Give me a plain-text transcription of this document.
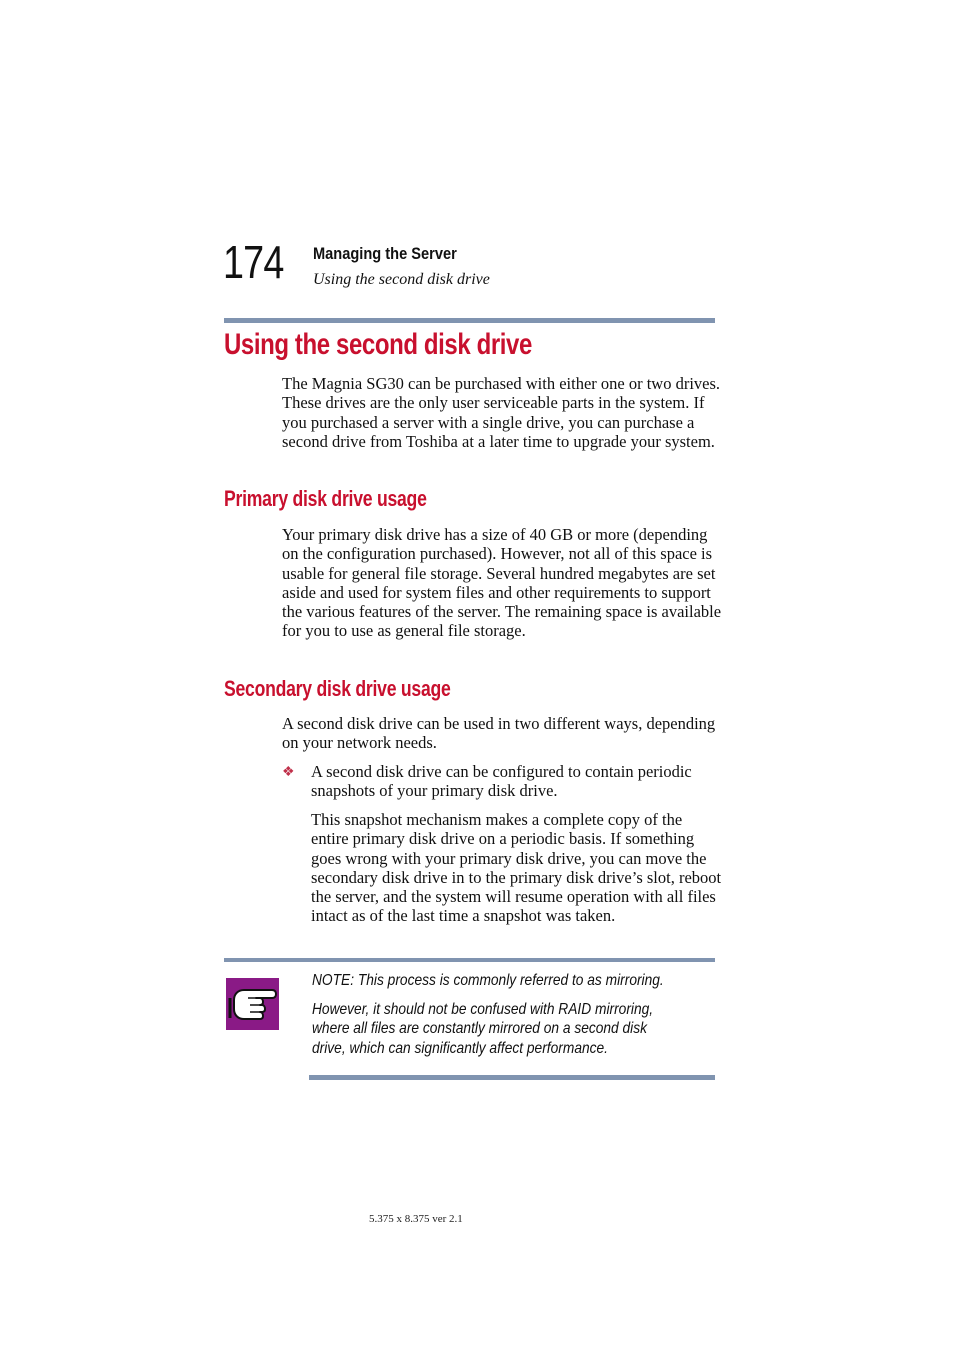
174 Managing the Server
Using the second disk drive
Using the second disk drive

The Magnia SG30 can be purchased with either one or two drives. These drives are the only user serviceable parts in the system. If you purchased a server with a single drive, you can purchase a second drive from Toshiba at a later time to upgrade your system.

Primary disk drive usage

Your primary disk drive has a size of 40 GB or more (depending on the configuration purchased). However, not all of this space is usable for general file storage. Several hundred megabytes are set aside and used for system files and other requirements to support the various features of the server. The remaining space is available for you to use as general file storage.

Secondary disk drive usage

A second disk drive can be used in two different ways, depending on your network needs.

❖ A second disk drive can be configured to contain periodic snapshots of your primary disk drive.

This snapshot mechanism makes a complete copy of the entire primary disk drive on a periodic basis. If something goes wrong with your primary disk drive, you can move the secondary disk drive in to the primary disk drive’s slot, reboot the server, and the system will resume operation with all files intact as of the last time a snapshot was taken.

NOTE: This process is commonly referred to as mirroring.

However, it should not be confused with RAID mirroring, where all files are constantly mirrored on a second disk drive, which can significantly affect performance.

5.375 x 8.375 ver 2.1
